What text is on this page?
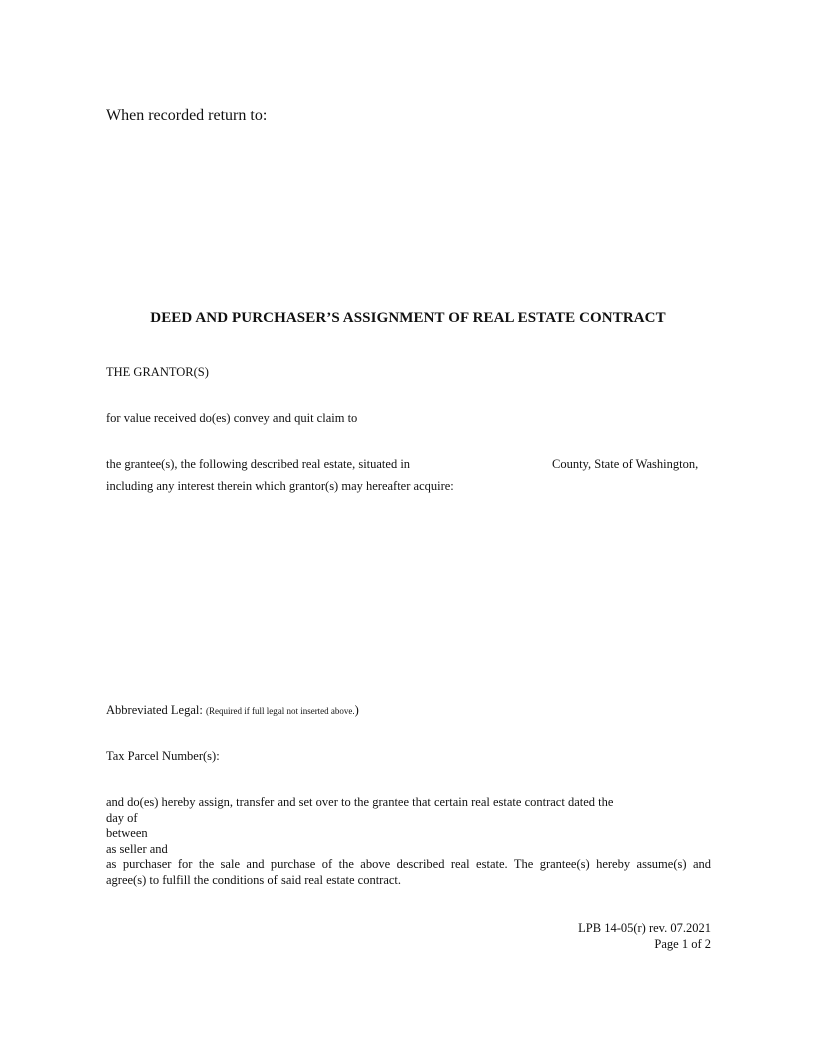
When recorded return to:
DEED AND PURCHASER’S ASSIGNMENT OF REAL ESTATE CONTRACT
THE GRANTOR(S)
for value received do(es) convey and quit claim to
the grantee(s), the following described real estate, situated in	County, State of Washington,
including any interest therein which grantor(s) may hereafter acquire:
Abbreviated Legal: (Required if full legal not inserted above.)
Tax Parcel Number(s):
and do(es) hereby assign, transfer and set over to the grantee that certain real estate contract dated the
day of
between
as seller and
as purchaser for the sale and purchase of the above described real estate. The grantee(s) hereby assume(s) and
agree(s) to fulfill the conditions of said real estate contract.
LPB 14-05(r) rev. 07.2021
Page 1 of 2
